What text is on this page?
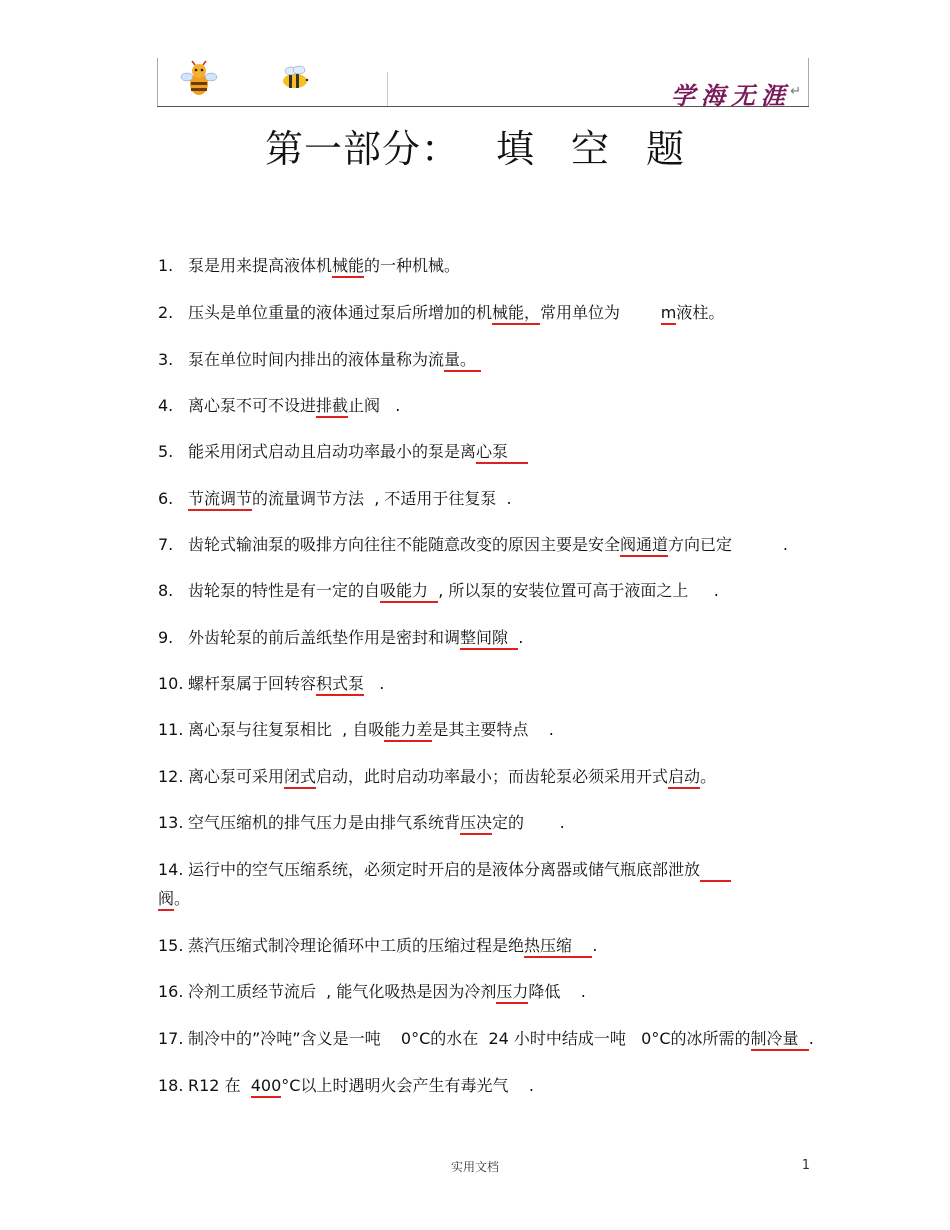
学海无涯 ↵
第一部分： 填 空 题
1. 泵是用来提高液体机械能的一种机械。
2. 压头是单位重量的液体通过泵后所增加的机械能，常用单位为        m液柱。
3. 泵在单位时间内排出的液体量称为流量。
4. 离心泵不可不设进排截止阀   .
5. 能采用闭式启动且启动功率最小的泵是离心泵
6. 节流调节的流量调节方法  , 不适用于往复泵  .
7. 齿轮式输油泵的吸排方向往往不能随意改变的原因主要是安全阀通道方向已定          .
8. 齿轮泵的特性是有一定的自吸能力  , 所以泵的安装位置可高于液面之上     .
9. 外齿轮泵的前后盖纸垫作用是密封和调整间隙  .
10. 螺杆泵属于回转容积式泵   .
11. 离心泵与往复泵相比  , 自吸能力差是其主要特点    .
12. 离心泵可采用闭式启动，此时启动功率最小；而齿轮泵必须采用开式启动。
13. 空气压缩机的排气压力是由排气系统背压决定的       .
14. 运行中的空气压缩系统，必须定时开启的是液体分离器或储气瓶底部泄放
阀。
15. 蒸汽压缩式制冷理论循环中工质的压缩过程是绝热压缩    .
16. 冷剂工质经节流后  , 能气化吸热是因为冷剂压力降低    .
17. 制冷中的”冷吨”含义是一吨    0°C的水在  24 小时中结成一吨   0°C的冰所需的制冷量  .
18. R12 在  400°C以上时遇明火会产生有毒光气    .
实用文档	1
